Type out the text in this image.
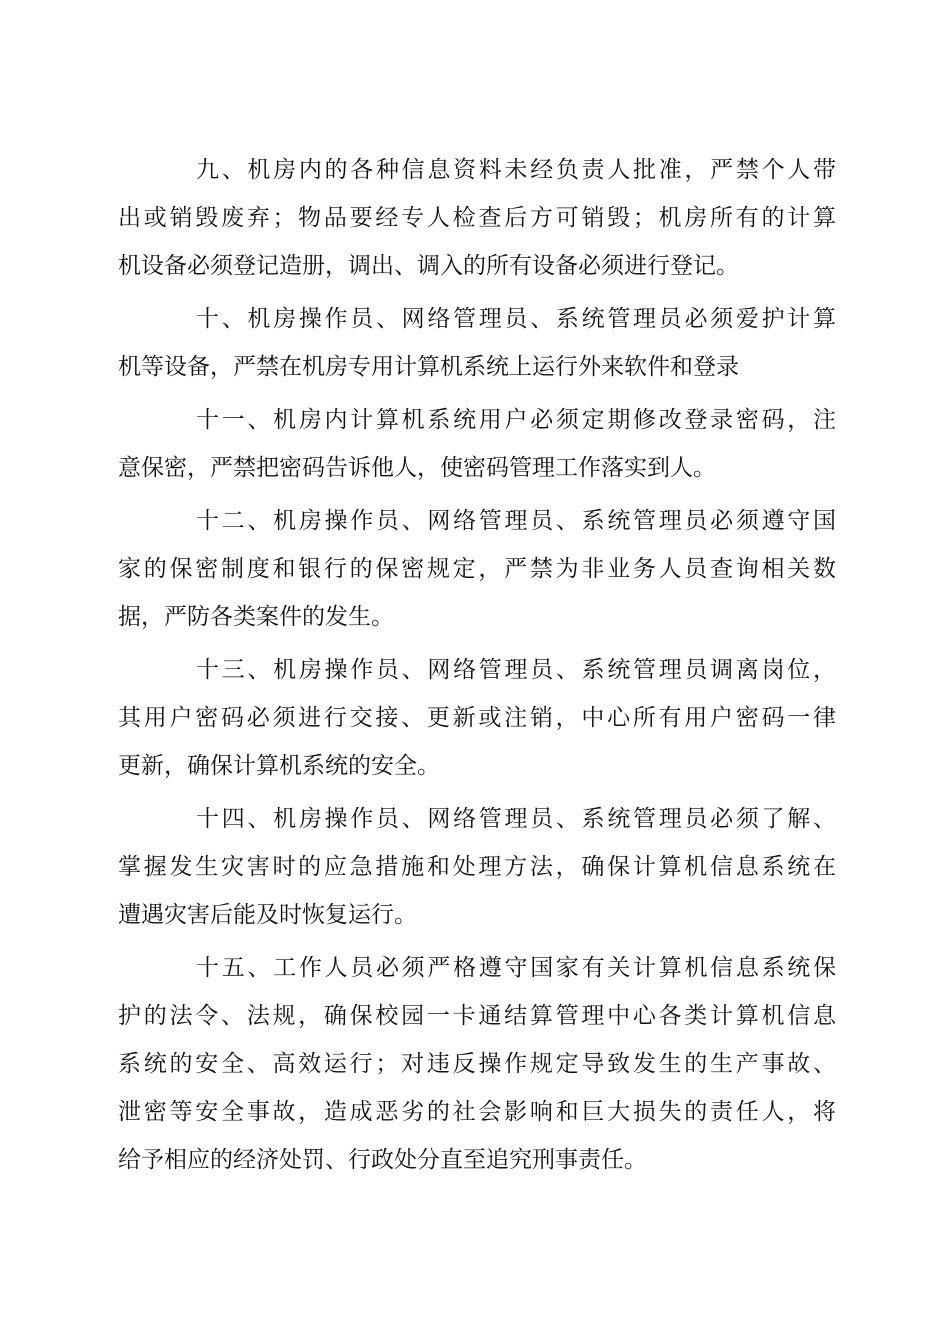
九、机房内的各种信息资料未经负责人批准，严禁个人带
出或销毁废弃；物品要经专人检查后方可销毁；机房所有的计算
机设备必须登记造册，调出、调入的所有设备必须进行登记。
十、机房操作员、网络管理员、系统管理员必须爱护计算
机等设备，严禁在机房专用计算机系统上运行外来软件和登录
十一、机房内计算机系统用户必须定期修改登录密码，注
意保密，严禁把密码告诉他人，使密码管理工作落实到人。
十二、机房操作员、网络管理员、系统管理员必须遵守国
家的保密制度和银行的保密规定，严禁为非业务人员查询相关数
据，严防各类案件的发生。
十三、机房操作员、网络管理员、系统管理员调离岗位，
其用户密码必须进行交接、更新或注销，中心所有用户密码一律
更新，确保计算机系统的安全。
十四、机房操作员、网络管理员、系统管理员必须了解、
掌握发生灾害时的应急措施和处理方法，确保计算机信息系统在
遭遇灾害后能及时恢复运行。
十五、工作人员必须严格遵守国家有关计算机信息系统保
护的法令、法规，确保校园一卡通结算管理中心各类计算机信息
系统的安全、高效运行；对违反操作规定导致发生的生产事故、
泄密等安全事故，造成恶劣的社会影响和巨大损失的责任人，将
给予相应的经济处罚、行政处分直至追究刑事责任。
